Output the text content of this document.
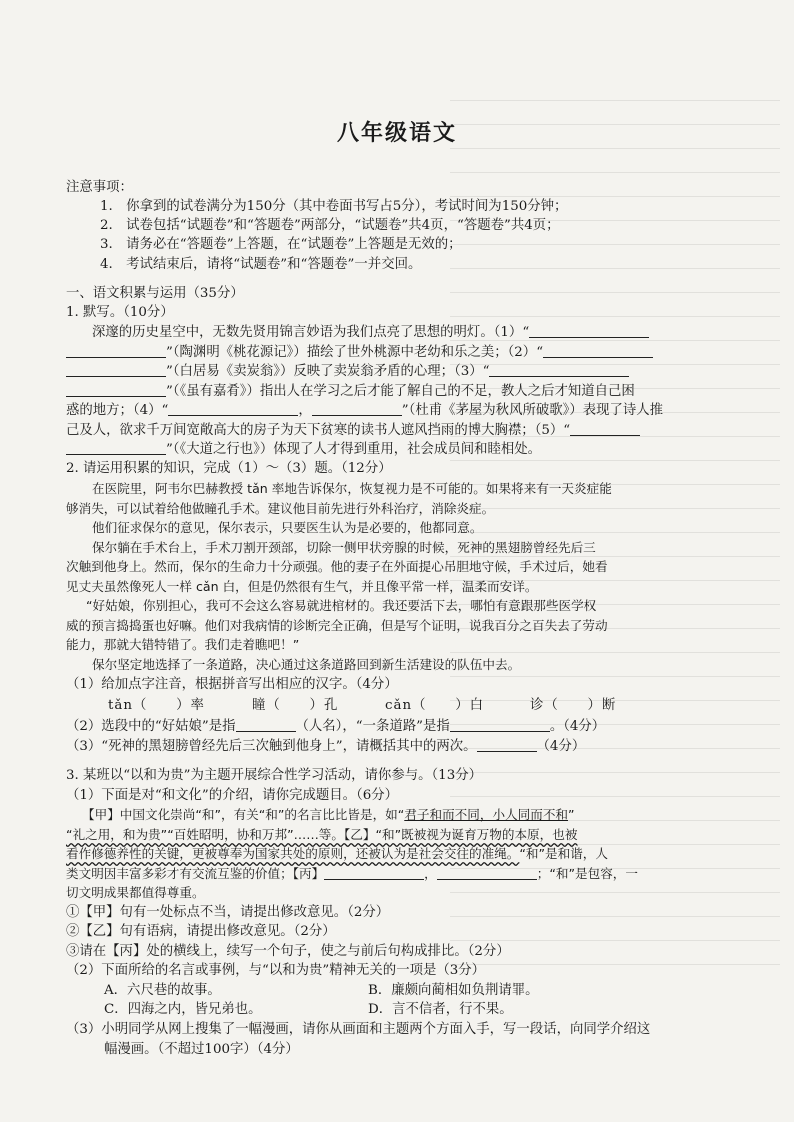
八年级语文
注意事项：
1.　你拿到的试卷满分为150分（其中卷面书写占5分），考试时间为150分钟；
2.　试卷包括“试题卷”和“答题卷”两部分，“试题卷”共4页，“答题卷”共4页；
3.　请务必在“答题卷”上答题，在“试题卷”上答题是无效的；
4.　考试结束后，请将“试题卷”和“答题卷”一并交回。
一、语文积累与运用（35分）
1. 默写。（10分）
深邃的历史星空中，无数先贤用锦言妙语为我们点亮了思想的明灯。（1）“
”（陶渊明《桃花源记》）描绘了世外桃源中老幼和乐之美；（2）“
”（白居易《卖炭翁》）反映了卖炭翁矛盾的心理；（3）“
”（《虽有嘉肴》）指出人在学习之后才能了解自己的不足，教人之后才知道自己困
惑的地方；（4）“	，	”（杜甫《茅屋为秋风所破歌》）表现了诗人推
己及人，欲求千万间宽敞高大的房子为天下贫寒的读书人遮风挡雨的博大胸襟；（5）“
”（《大道之行也》）体现了人才得到重用，社会成员间和睦相处。
2. 请运用积累的知识，完成（1）～（3）题。（12分）
在医院里，阿韦尔巴赫教授 tǎn 率地告诉保尔，恢复视力是不可能的。如果将来有一天炎症能
够消失，可以试着给他做瞳孔手术。建议他目前先进行外科治疗，消除炎症。
他们征求保尔的意见，保尔表示，只要医生认为是必要的，他都同意。
保尔躺在手术台上，手术刀割开颈部，切除一侧甲状旁腺的时候，死神的黑翅膀曾经先后三
次触到他身上。然而，保尔的生命力十分顽强。他的妻子在外面提心吊胆地守候，手术过后，她看
见丈夫虽然像死人一样 cǎn 白，但是仍然很有生气，并且像平常一样，温柔而安详。
“好姑娘，你别担心，我可不会这么容易就进棺材的。我还要活下去，哪怕有意跟那些医学权
威的预言捣捣蛋也好嘛。他们对我病情的诊断完全正确，但是写个证明，说我百分之百失去了劳动
能力，那就大错特错了。我们走着瞧吧！”
保尔坚定地选择了一条道路，决心通过这条道路回到新生活建设的队伍中去。
（1）给加点字注音，根据拼音写出相应的汉字。（4分）
tǎn（　　）率	瞳（　　）孔	cǎn（　　）白	诊（　　）断
（2）选段中的“好姑娘”是指	（人名），“一条道路”是指	。（4分）
（3）“死神的黑翅膀曾经先后三次触到他身上”，请概括其中的两次。	（4分）
3. 某班以“以和为贵”为主题开展综合性学习活动，请你参与。（13分）
（1）下面是对“和文化”的介绍，请你完成题目。（6分）
【甲】中国文化崇尚“和”，有关“和”的名言比比皆是，如“君子和而不同，小人同而不和”
“礼之用，和为贵”“百姓昭明，协和万邦”……等。【乙】“和”既被视为诞育万物的本原，也被
看作修德养性的关键，更被尊奉为国家共处的原则，还被认为是社会交往的准绳。“和”是和谐，人
类文明因丰富多彩才有交流互鉴的价值；【丙】	，	；“和”是包容，一
切文明成果都值得尊重。
①【甲】句有一处标点不当，请提出修改意见。（2分）
②【乙】句有语病，请提出修改意见。（2分）
③请在【丙】处的横线上，续写一个句子，使之与前后句构成排比。（2分）
（2）下面所给的名言或事例，与“以和为贵”精神无关的一项是（3分）
A．六尺巷的故事。	B．廉颇向蔺相如负荆请罪。
C．四海之内，皆兄弟也。	D．言不信者，行不果。
（3）小明同学从网上搜集了一幅漫画，请你从画面和主题两个方面入手，写一段话，向同学介绍这
幅漫画。（不超过100字）（4分）
